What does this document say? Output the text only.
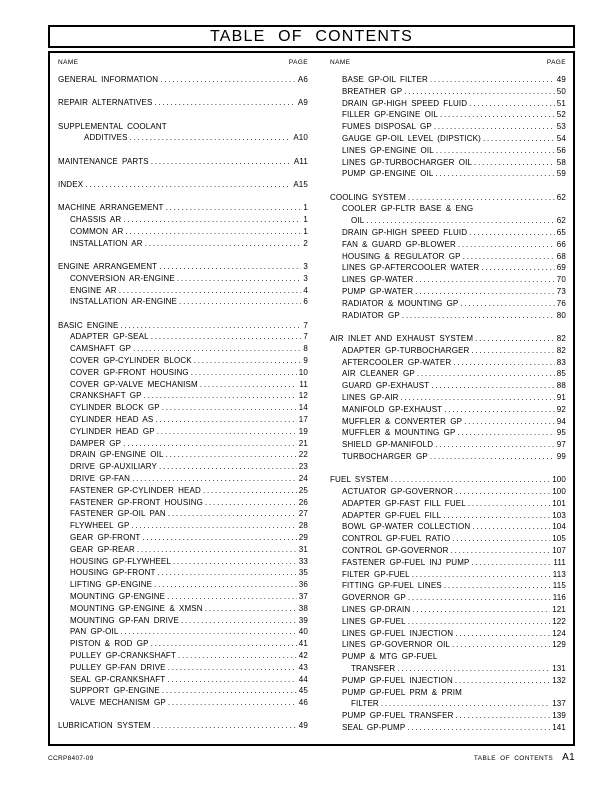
TABLE OF CONTENTS
NAME	PAGE
GENERAL INFORMATION .....	A6
REPAIR ALTERNATIVES .....	A9
SUPPLEMENTAL COOLANT
ADDITIVES .....	A10
MAINTENANCE PARTS .....	A11
INDEX .....	A15
MACHINE ARRANGEMENT .....	1
CHASSIS AR .....	1
COMMON AR .....	1
INSTALLATION AR .....	2
ENGINE ARRANGEMENT .....	3
CONVERSION AR-ENGINE .....	3
ENGINE AR .....	4
INSTALLATION AR-ENGINE .....	6
BASIC ENGINE .....	7
ADAPTER GP-SEAL .....	7
CAMSHAFT GP .....	8
COVER GP-CYLINDER BLOCK .....	9
COVER GP-FRONT HOUSING .....	10
COVER GP-VALVE MECHANISM .....	11
CRANKSHAFT GP .....	12
CYLINDER BLOCK GP .....	14
CYLINDER HEAD AS .....	17
CYLINDER HEAD GP .....	19
DAMPER GP .....	21
DRAIN GP-ENGINE OIL .....	22
DRIVE GP-AUXILIARY .....	23
DRIVE GP-FAN .....	24
FASTENER GP-CYLINDER HEAD .....	25
FASTENER GP-FRONT HOUSING .....	26
FASTENER GP-OIL PAN .....	27
FLYWHEEL GP .....	28
GEAR GP-FRONT .....	29
GEAR GP-REAR .....	31
HOUSING GP-FLYWHEEL .....	33
HOUSING GP-FRONT .....	35
LIFTING GP-ENGINE .....	36
MOUNTING GP-ENGINE .....	37
MOUNTING GP-ENGINE & XMSN .....	38
MOUNTING GP-FAN DRIVE .....	39
PAN GP-OIL .....	40
PISTON & ROD GP .....	41
PULLEY GP-CRANKSHAFT .....	42
PULLEY GP-FAN DRIVE .....	43
SEAL GP-CRANKSHAFT .....	44
SUPPORT GP-ENGINE .....	45
VALVE MECHANISM GP .....	46
LUBRICATION SYSTEM .....	49
NAME	PAGE
BASE GP-OIL FILTER .....	49
BREATHER GP .....	50
DRAIN GP-HIGH SPEED FLUID .....	51
FILLER GP-ENGINE OIL .....	52
FUMES DISPOSAL GP .....	53
GAUGE GP-OIL LEVEL (DIPSTICK) .....	54
LINES GP-ENGINE OIL .....	56
LINES GP-TURBOCHARGER OIL .....	58
PUMP GP-ENGINE OIL .....	59
COOLING SYSTEM .....	62
COOLER GP-FLTR BASE & ENG
OIL .....	62
DRAIN GP-HIGH SPEED FLUID .....	65
FAN & GUARD GP-BLOWER .....	66
HOUSING & REGULATOR GP .....	68
LINES GP-AFTERCOOLER WATER .....	69
LINES GP-WATER .....	70
PUMP GP-WATER .....	73
RADIATOR & MOUNTING GP .....	76
RADIATOR GP .....	80
AIR INLET AND EXHAUST SYSTEM .....	82
ADAPTER GP-TURBOCHARGER .....	82
AFTERCOOLER GP-WATER .....	83
AIR CLEANER GP .....	85
GUARD GP-EXHAUST .....	88
LINES GP-AIR .....	91
MANIFOLD GP-EXHAUST .....	92
MUFFLER & CONVERTER GP .....	94
MUFFLER & MOUNTING GP .....	95
SHIELD GP-MANIFOLD .....	97
TURBOCHARGER GP .....	99
FUEL SYSTEM .....	100
ACTUATOR GP-GOVERNOR .....	100
ADAPTER GP-FAST FILL FUEL .....	101
ADAPTER GP-FUEL FILL .....	103
BOWL GP-WATER COLLECTION .....	104
CONTROL GP-FUEL RATIO .....	105
CONTROL GP-GOVERNOR .....	107
FASTENER GP-FUEL INJ PUMP .....	111
FILTER GP-FUEL .....	113
FITTING GP-FUEL LINES .....	115
GOVERNOR GP .....	116
LINES GP-DRAIN .....	121
LINES GP-FUEL .....	122
LINES GP-FUEL INJECTION .....	124
LINES GP-GOVERNOR OIL .....	129
PUMP & MTG GP-FUEL
TRANSFER .....	131
PUMP GP-FUEL INJECTION .....	132
PUMP GP-FUEL PRM & PRIM
FILTER .....	137
PUMP GP-FUEL TRANSFER .....	139
SEAL GP-PUMP .....	141
CCRP8407-09	TABLE OF CONTENTS A1
